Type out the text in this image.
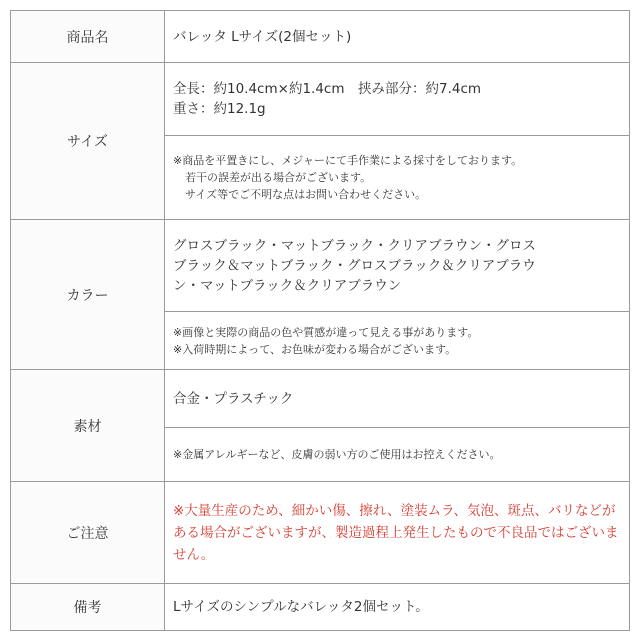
商品名	バレッタ Lサイズ(2個セット)
サイズ	全長：約10.4cm×約1.4cm　挟み部分：約7.4cm
重さ：約12.1g

	※商品を平置きにし、メジャーにて手作業による採寸をしております。
若干の誤差が出る場合がございます。
サイズ等でご不明な点はお問い合わせください。

カラー	グロスブラック・マットブラック・クリアブラウン・グロス
ブラック＆マットブラック・グロスブラック＆クリアブラウ
ン・マットブラック＆クリアブラウン

	※画像と実際の商品の色や質感が違って見える事があります。
※入荷時期によって、お色味が変わる場合がございます。

素材	合金・プラスチック
	※金属アレルギーなど、皮膚の弱い方のご使用はお控えください。
ご注意	※大量生産のため、細かい傷、擦れ、塗装ムラ、気泡、斑点、バリなどが
ある場合がございますが、製造過程上発生したもので不良品ではございま
せん。

備考	Lサイズのシンプルなバレッタ2個セット。
